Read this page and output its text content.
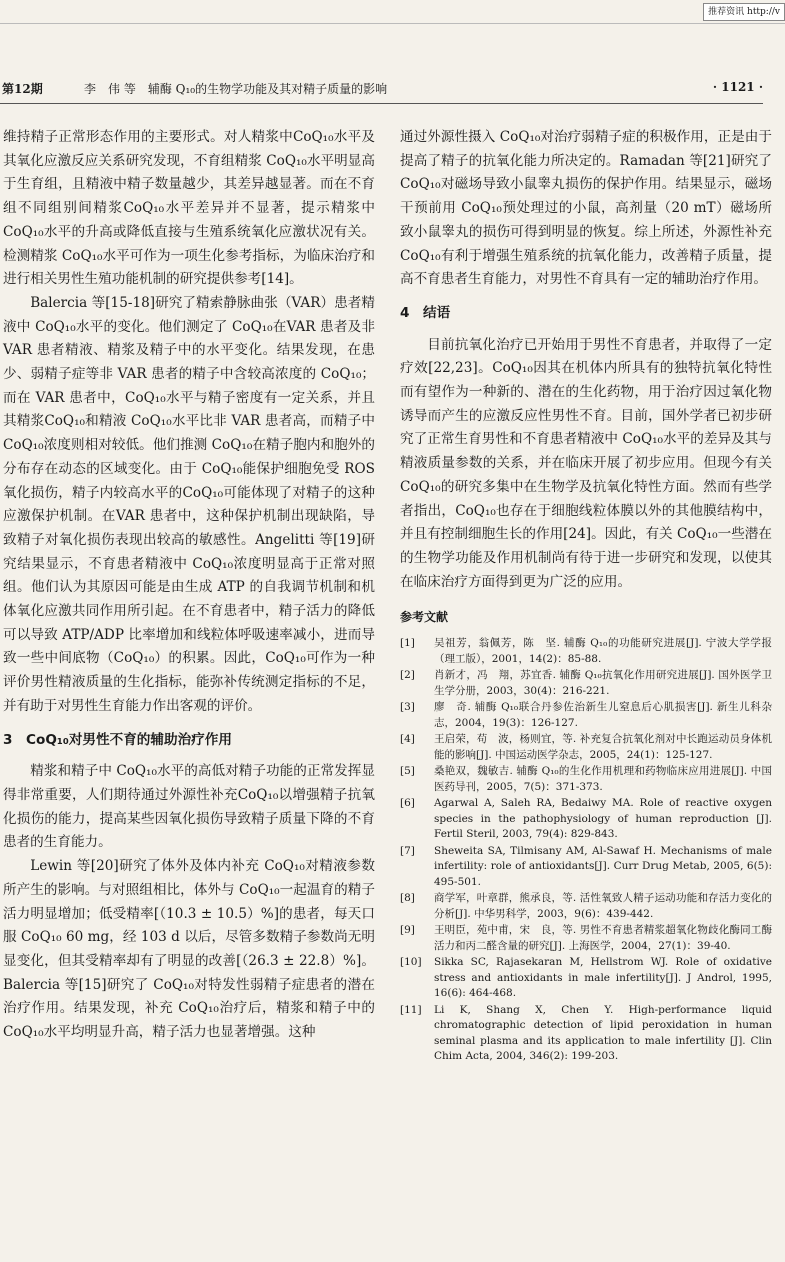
推荐资讯 http://v
第12期	李　伟 等　辅酶 Q₁₀的生物学功能及其对精子质量的影响	· 1121 ·

维持精子正常形态作用的主要形式。对人精浆中CoQ₁₀水平及其氧化应激反应关系研究发现，不育组精浆 CoQ₁₀水平明显高于生育组，且精液中精子数量越少，其差异越显著。而在不育组不同组别间精浆CoQ₁₀水平差异并不显著，提示精浆中 CoQ₁₀水平的升高或降低直接与生殖系统氧化应激状况有关。检测精浆 CoQ₁₀水平可作为一项生化参考指标，为临床治疗和进行相关男性生殖功能机制的研究提供参考[14]。

Balercia 等[15-18]研究了精索静脉曲张（VAR）患者精液中 CoQ₁₀水平的变化。他们测定了 CoQ₁₀在VAR 患者及非 VAR 患者精液、精浆及精子中的水平变化。结果发现，在患少、弱精子症等非 VAR 患者的精子中含较高浓度的 CoQ₁₀；而在 VAR 患者中，CoQ₁₀水平与精子密度有一定关系，并且其精浆CoQ₁₀和精液 CoQ₁₀水平比非 VAR 患者高，而精子中CoQ₁₀浓度则相对较低。他们推测 CoQ₁₀在精子胞内和胞外的分布存在动态的区域变化。由于 CoQ₁₀能保护细胞免受 ROS 氧化损伤，精子内较高水平的CoQ₁₀可能体现了对精子的这种应激保护机制。在VAR 患者中，这种保护机制出现缺陷，导致精子对氧化损伤表现出较高的敏感性。Angelitti 等[19]研究结果显示，不育患者精液中 CoQ₁₀浓度明显高于正常对照组。他们认为其原因可能是由生成 ATP 的自我调节机制和机体氧化应激共同作用所引起。在不育患者中，精子活力的降低可以导致 ATP/ADP 比率增加和线粒体呼吸速率减小，进而导致一些中间底物（CoQ₁₀）的积累。因此，CoQ₁₀可作为一种评价男性精液质量的生化指标，能弥补传统测定指标的不足，并有助于对男性生育能力作出客观的评价。

3　CoQ₁₀对男性不育的辅助治疗作用

精浆和精子中 CoQ₁₀水平的高低对精子功能的正常发挥显得非常重要，人们期待通过外源性补充CoQ₁₀以增强精子抗氧化损伤的能力，提高某些因氧化损伤导致精子质量下降的不育患者的生育能力。

Lewin 等[20]研究了体外及体内补充 CoQ₁₀对精液参数所产生的影响。与对照组相比，体外与 CoQ₁₀一起温育的精子活力明显增加；低受精率[（10.3 ± 10.5）%]的患者，每天口服 CoQ₁₀ 60 mg，经 103 d 以后，尽管多数精子参数尚无明显变化，但其受精率却有了明显的改善[（26.3 ± 22.8）%]。Balercia 等[15]研究了 CoQ₁₀对特发性弱精子症患者的潜在治疗作用。结果发现，补充 CoQ₁₀治疗后，精浆和精子中的CoQ₁₀水平均明显升高，精子活力也显著增强。这种

通过外源性摄入 CoQ₁₀对治疗弱精子症的积极作用，正是由于提高了精子的抗氧化能力所决定的。Ramadan 等[21]研究了 CoQ₁₀对磁场导致小鼠睾丸损伤的保护作用。结果显示，磁场干预前用 CoQ₁₀预处理过的小鼠，高剂量（20 mT）磁场所致小鼠睾丸的损伤可得到明显的恢复。综上所述，外源性补充 CoQ₁₀有利于增强生殖系统的抗氧化能力，改善精子质量，提高不育患者生育能力，对男性不育具有一定的辅助治疗作用。

4　结语

目前抗氧化治疗已开始用于男性不育患者，并取得了一定疗效[22,23]。CoQ₁₀因其在机体内所具有的独特抗氧化特性而有望作为一种新的、潜在的生化药物，用于治疗因过氧化物诱导而产生的应激反应性男性不育。目前，国外学者已初步研究了正常生育男性和不育患者精液中 CoQ₁₀水平的差异及其与精液质量参数的关系，并在临床开展了初步应用。但现今有关 CoQ₁₀的研究多集中在生物学及抗氧化特性方面。然而有些学者指出，CoQ₁₀也存在于细胞线粒体膜以外的其他膜结构中，并且有控制细胞生长的作用[24]。因此，有关 CoQ₁₀一些潜在的生物学功能及作用机制尚有待于进一步研究和发现，以使其在临床治疗方面得到更为广泛的应用。

参考文献
[1]	吴祖芳，翁佩芳，陈　坚. 辅酶 Q₁₀的功能研究进展[J]. 宁波大学学报（理工版），2001，14(2)：85-88.
[2]	肖新才，冯　翔，苏宜香. 辅酶 Q₁₀抗氧化作用研究进展[J]. 国外医学卫生学分册，2003，30(4)：216-221.
[3]	廖　奇. 辅酶 Q₁₀联合丹参佐治新生儿窒息后心肌损害[J]. 新生儿科杂志，2004，19(3)：126-127.
[4]	王启荣，苟　波，杨则宜，等. 补充复合抗氧化剂对中长跑运动员身体机能的影响[J]. 中国运动医学杂志，2005，24(1)：125-127.
[5]	桑艳双，魏敏吉. 辅酶 Q₁₀的生化作用机理和药物临床应用进展[J]. 中国医药导刊，2005，7(5)：371-373.
[6]	Agarwal A, Saleh RA, Bedaiwy MA. Role of reactive oxygen species in the pathophysiology of human reproduction [J]. Fertil Steril, 2003, 79(4): 829-843.
[7]	Sheweita SA, Tilmisany AM, Al-Sawaf H. Mechanisms of male infertility: role of antioxidants[J]. Curr Drug Metab, 2005, 6(5): 495-501.
[8]	商学军，叶章群，熊承良，等. 活性氧致人精子运动功能和存活力变化的分析[J]. 中华男科学，2003，9(6)：439-442.
[9]	王明臣，苑中甫，宋　良，等. 男性不育患者精浆超氧化物歧化酶同工酶活力和丙二醛含量的研究[J]. 上海医学，2004，27(1)：39-40.
[10]	Sikka SC, Rajasekaran M, Hellstrom WJ. Role of oxidative stress and antioxidants in male infertility[J]. J Androl, 1995, 16(6): 464-468.
[11]	Li K, Shang X, Chen Y. High-performance liquid chromatographic detection of lipid peroxidation in human seminal plasma and its application to male infertility [J]. Clin Chim Acta, 2004, 346(2): 199-203.
